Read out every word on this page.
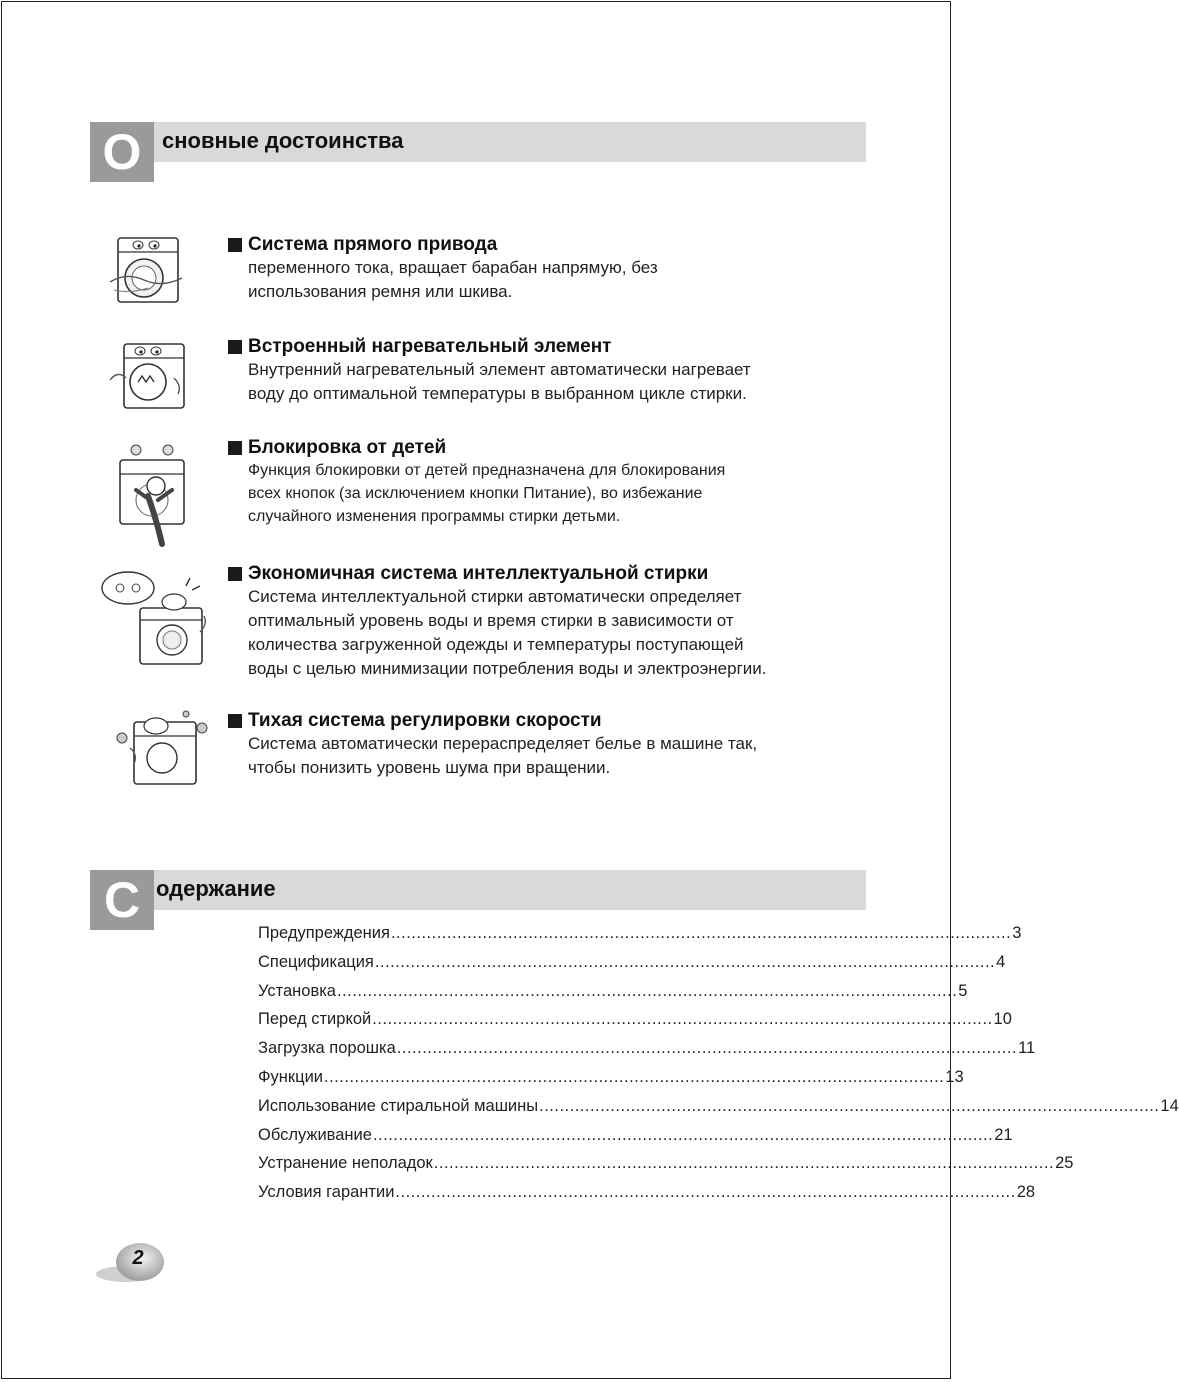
О сновные достоинства
Система прямого привода
переменного тока, вращает барабан напрямую, без
использования ремня или шкива.
Встроенный нагревательный элемент
Внутренний нагревательный элемент автоматически нагревает
воду до оптимальной температуры в выбранном цикле стирки.
Блокировка от детей
Функция блокировки от детей предназначена для блокирования
всех кнопок (за исключением кнопки Питание), во избежание
случайного изменения программы стирки детьми.
Экономичная система интеллектуальной стирки
Система интеллектуальной стирки автоматически определяет
оптимальный уровень воды и время стирки в зависимости от
количества загруженной одежды и температуры поступающей
воды с целью минимизации потребления воды и электроэнергии.
Тихая система регулировки скорости
Система автоматически перераспределяет белье в машине так,
чтобы понизить уровень шума при вращении.
С одержание
Предупреждения .......................................................................................................................... 3
Спецификация .......................................................................................................................... 4
Установка .......................................................................................................................... 5
Перед стиркой .......................................................................................................................... 10
Загрузка порошка .......................................................................................................................... 11
Функции .......................................................................................................................... 13
Использование стиральной машины .......................................................................................................................... 14
Обслуживание .......................................................................................................................... 21
Устранение неполадок .......................................................................................................................... 25
Условия гарантии .......................................................................................................................... 28
2
